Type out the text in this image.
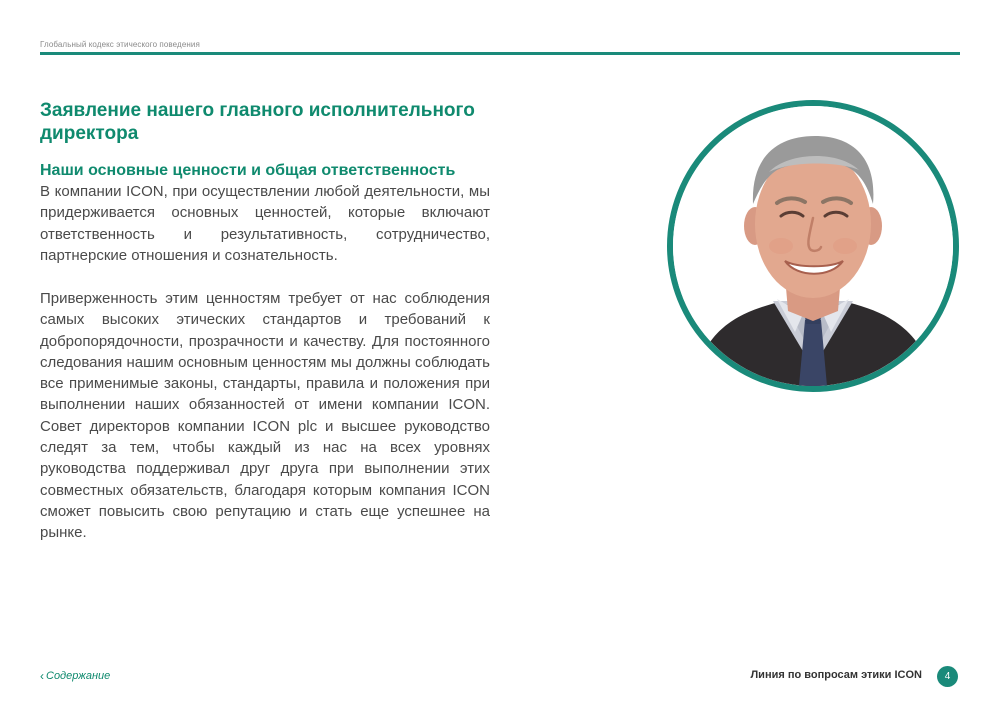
Глобальный кодекс этического поведения
Заявление нашего главного исполнительного директора
Наши основные ценности и общая ответственность

В компании ICON, при осуществлении любой деятельности, мы придерживается основных ценностей, которые включают ответственность и результативность, сотрудничество, партнерские отношения и сознательность.

Приверженность этим ценностям требует от нас соблюдения самых высоких этических стандартов и требований к добропорядочности, прозрачности и качеству. Для постоянного следования нашим основным ценностям мы должны соблюдать все применимые законы, стандарты, правила и положения при выполнении наших обязанностей от имени компании ICON. Совет директоров компании ICON plc и высшее руководство следят за тем, чтобы каждый из нас на всех уровнях руководства поддерживал друг друга при выполнении этих совместных обязательств, благодаря которым компания ICON сможет повысить свою репутацию и стать еще успешнее на рынке.

‹ Содержание	Линия по вопросам этики ICON	4
